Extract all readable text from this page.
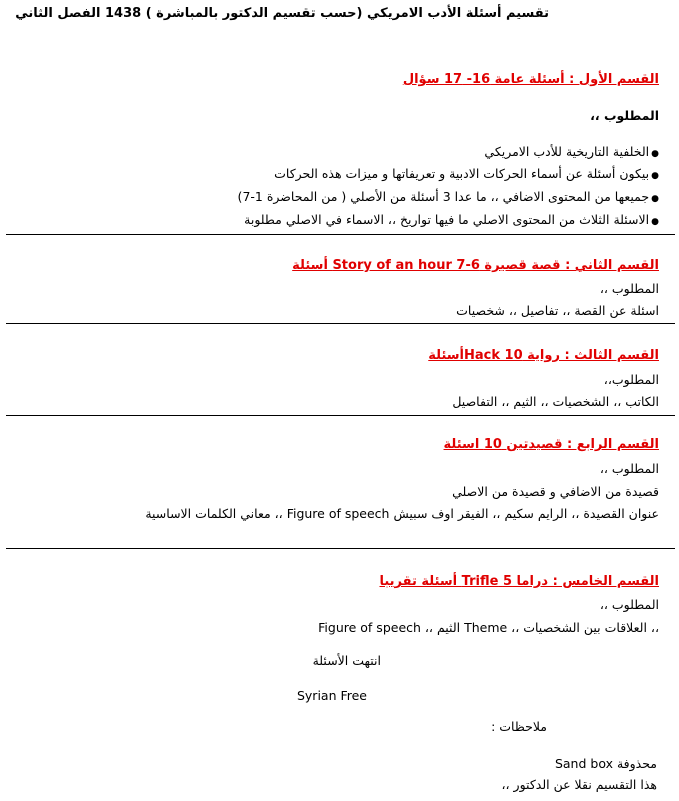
تقسيم أسئلة الأدب الامريكي (حسب تقسيم الدكتور بالمباشرة ) 1438 الفصل الثاني
القسم الأول : أسئلة عامة 16- 17 سؤال
المطلوب ،،
● الخلفية التاريخية للأدب الامريكي
● بيكون أسئلة عن أسماء الحركات الادبية و تعريفاتها و ميزات هذه الحركات
● جميعها من المحتوى الاضافي ،، ما عدا 3 أسئلة من الأصلي ( من المحاضرة 1-7)
● الاسئلة الثلاث من المحتوى الاصلي ما فيها تواريخ ،، الاسماء في الاصلي مطلوبة
القسم الثاني : قصة قصيرة Story of an hour 7-6 أسئلة
المطلوب ،،
اسئلة عن القصة ،، تفاصيل ،، شخصيات
القسم الثالث : رواية Hack 10أسئلة
المطلوب،،
الكاتب ،، الشخصيات ،، الثيم ،، التفاصيل
القسم الرابع : قصيدتين 10 اسئلة
المطلوب ،،
قصيدة من الاضافي و قصيدة من الاصلي
عنوان القصيدة ،، الرايم سكيم ،، الفيقر اوف سبيش Figure of speech ،، معاني الكلمات الاساسية
القسم الخامس : دراما 5 Trifle أسئلة تقريبا
المطلوب ،،
Figure of speech ،، الثيم Theme ،، العلاقات بين الشخصيات ،،
انتهت الأسئلة
Syrian Free
ملاحظات :
Sand box محذوفة
هذا التقسيم نقلا عن الدكتور ،،
